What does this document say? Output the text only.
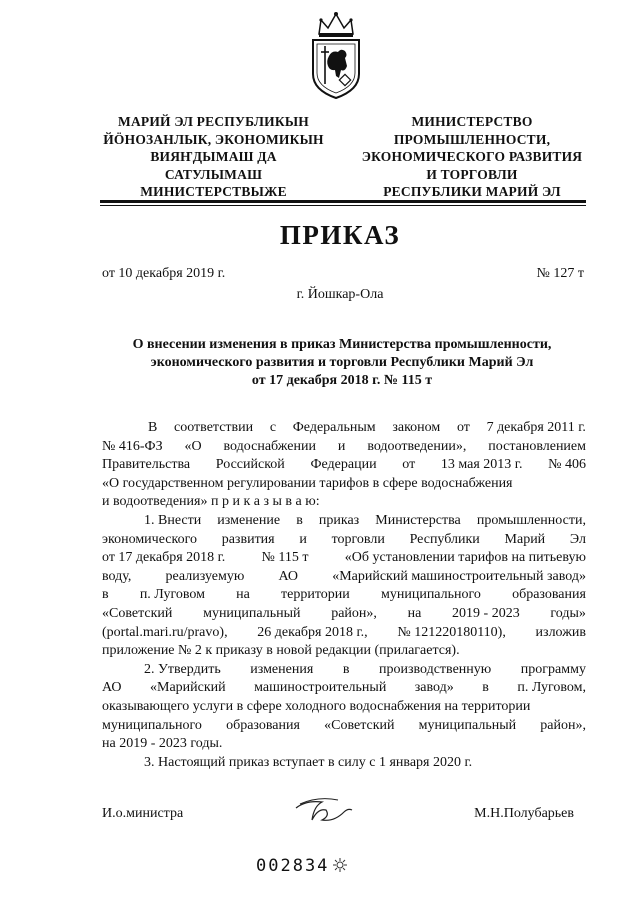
МАРИЙ ЭЛ РЕСПУБЛИКЫН
ЙӦНОЗАНЛЫК, ЭКОНОМИКЫН
ВИЯҤДЫМАШ ДА
САТУЛЫМАШ
МИНИСТЕРСТВЫЖЕ
МИНИСТЕРСТВО
ПРОМЫШЛЕННОСТИ,
ЭКОНОМИЧЕСКОГО РАЗВИТИЯ
И ТОРГОВЛИ
РЕСПУБЛИКИ МАРИЙ ЭЛ
ПРИКАЗ
от 10 декабря 2019 г.	№ 127 т
г. Йошкар-Ола
О внесении изменения в приказ Министерства промышленности,
экономического развития и торговли Республики Марий Эл
от 17 декабря 2018 г. № 115 т
В соответствии с Федеральным законом от 7 декабря 2011 г.
№ 416-ФЗ «О водоснабжении и водоотведении», постановлением
Правительства Российской Федерации от 13 мая 2013 г. № 406
«О государственном регулировании тарифов в сфере водоснабжения
и водоотведения» п р и к а з ы в а ю:
1. Внести изменение в приказ Министерства промышленности,
экономического развития и торговли Республики Марий Эл
от 17 декабря 2018 г.	№ 115 т	«Об установлении тарифов на питьевую
воду, реализуемую АО «Марийский машиностроительный завод»
в п. Луговом на территории муниципального образования
«Советский муниципальный район», на 2019 - 2023 годы»
(portal.mari.ru/pravo), 26 декабря 2018 г., № 121220180110), изложив
приложение № 2 к приказу в новой редакции (прилагается).
2. Утвердить изменения в производственную программу
АО «Марийский машиностроительный завод» в п. Луговом,
оказывающего услуги в сфере холодного водоснабжения на территории
муниципального образования «Советский муниципальный район»,
на 2019 - 2023 годы.
3. Настоящий приказ вступает в силу с 1 января 2020 г.
И.о.министра	М.Н.Полубарьев
002834
